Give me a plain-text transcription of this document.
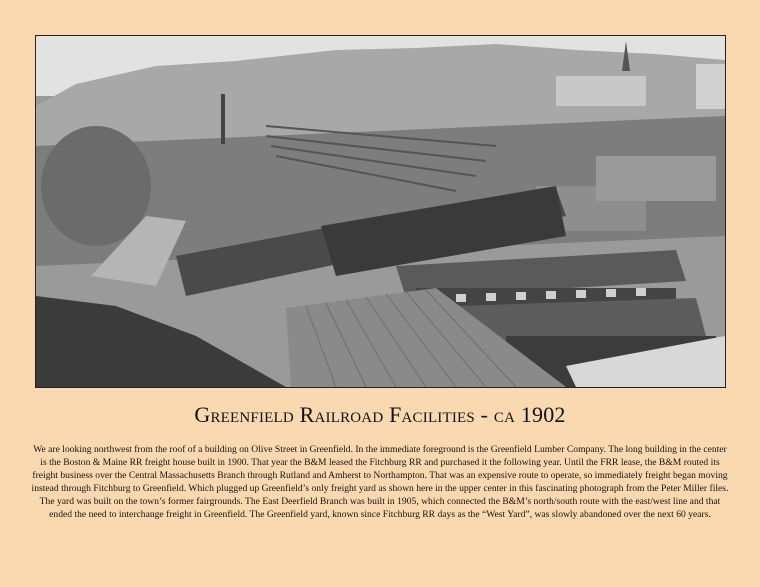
Greenfield Railroad Facilities - ca 1902
We are looking northwest from the roof of a building on Olive Street in Greenfield. In the immediate foreground is the Greenfield Lumber Company. The long building in the center is the Boston & Maine RR freight house built in 1900. That year the B&M leased the Fitchburg RR and purchased it the following year. Until the FRR lease, the B&M routed its freight business over the Central Massachusetts Branch through Rutland and Amherst to Northampton. That was an expensive route to operate, so immediately freight began moving instead through Fitchburg to Greenfield. Which plugged up Greenfield’s only freight yard as shown here in the upper center in this fascinating photograph from the Peter Miller files. The yard was built on the town’s former fairgrounds. The East Deerfield Branch was built in 1905, which connected the B&M’s north/south route with the east/west line and that ended the need to interchange freight in Greenfield. The Greenfield yard, known since Fitchburg RR days as the “West Yard”, was slowly abandoned over the next 60 years.
